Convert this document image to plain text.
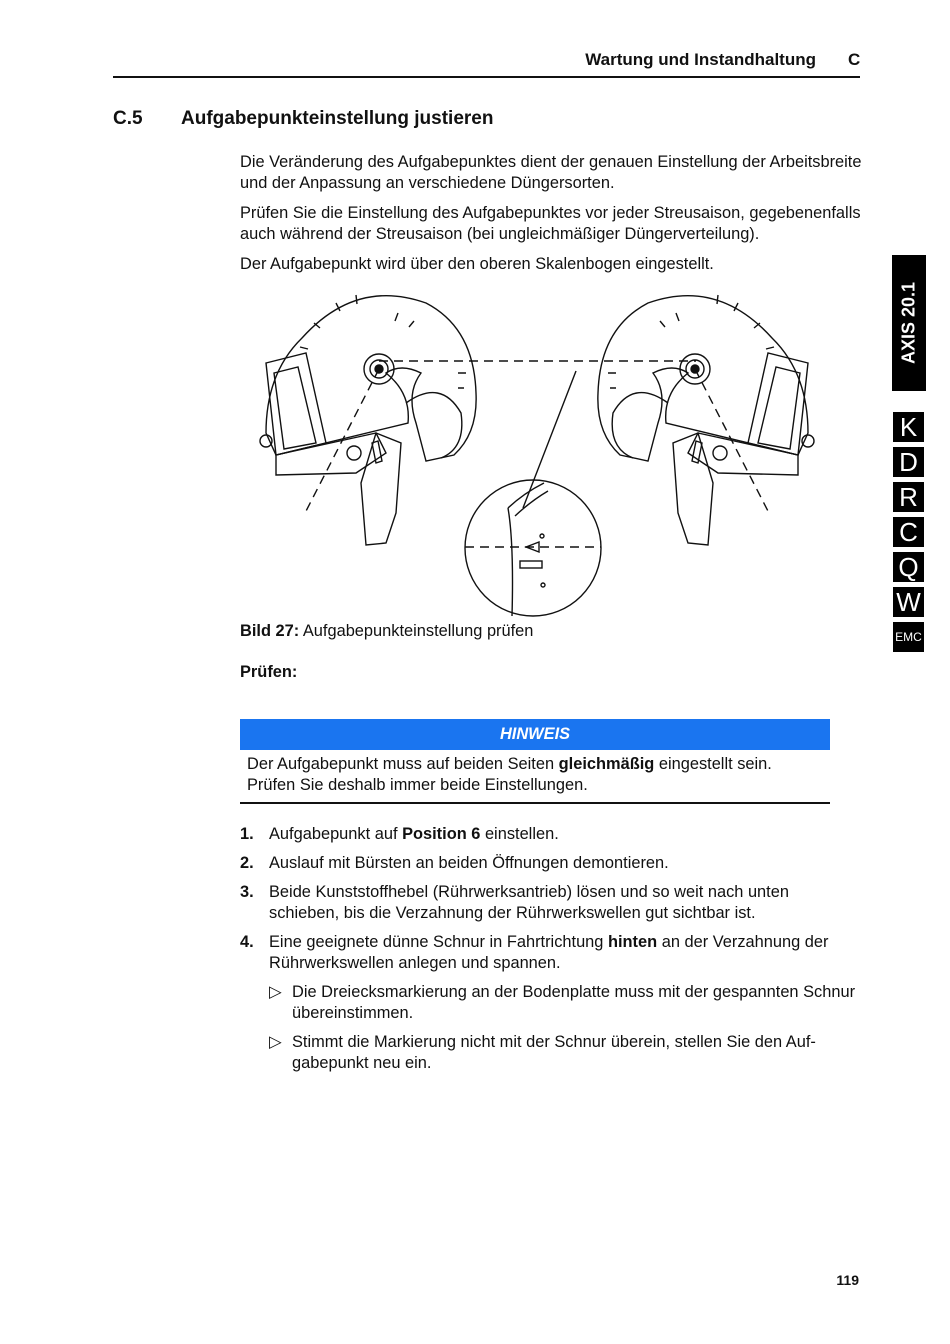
Wartung und Instandhaltung C
C.5 Aufgabepunkteinstellung justieren

Die Veränderung des Aufgabepunktes dient der genauen Einstellung der Arbeitsbreite und der Anpassung an verschiedene Düngersorten.

Prüfen Sie die Einstellung des Aufgabepunktes vor jeder Streusaison, gegebenenfalls auch während der Streusaison (bei ungleichmäßiger Düngerverteilung).

Der Aufgabepunkt wird über den oberen Skalenbogen eingestellt.

Bild 27: Aufgabepunkteinstellung prüfen
Prüfen:
HINWEIS
Der Aufgabepunkt muss auf beiden Seiten gleichmäßig eingestellt sein.
Prüfen Sie deshalb immer beide Einstellungen.
1. Aufgabepunkt auf Position 6 einstellen.
2. Auslauf mit Bürsten an beiden Öffnungen demontieren.
3. Beide Kunststoffhebel (Rührwerksantrieb) lösen und so weit nach unten schieben, bis die Verzahnung der Rührwerkswellen gut sichtbar ist.
4. Eine geeignete dünne Schnur in Fahrtrichtung hinten an der Verzahnung der Rührwerkswellen anlegen und spannen.
▷ Die Dreiecksmarkierung an der Bodenplatte muss mit der gespannten Schnur übereinstimmen.
▷ Stimmt die Markierung nicht mit der Schnur überein, stellen Sie den Aufgabepunkt neu ein.
119
AXIS 20.1
K
D
R
C
Q
W
EMC
